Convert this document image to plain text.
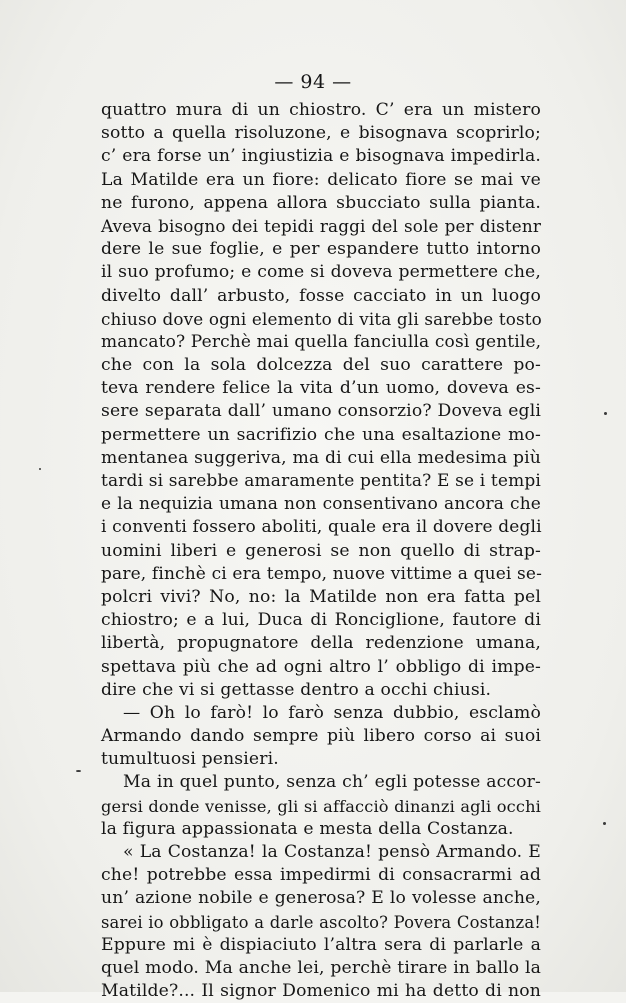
— 94 —
quattro mura di un chiostro. C’ era un mistero
sotto a quella risoluzone, e bisognava scoprirlo;
c’ era forse un’ ingiustizia e bisognava impedirla.
La Matilde era un fiore: delicato fiore se mai ve
ne furono, appena allora sbucciato sulla pianta.
Aveva bisogno dei tepidi raggi del sole per distenr
dere le sue foglie, e per espandere tutto intorno
il suo profumo; e come si doveva permettere che,
divelto dall’ arbusto, fosse cacciato in un luogo
chiuso dove ogni elemento di vita gli sarebbe tosto
mancato? Perchè mai quella fanciulla così gentile,
che con la sola dolcezza del suo carattere po-
teva rendere felice la vita d’un uomo, doveva es-
sere separata dall’ umano consorzio? Doveva egli
permettere un sacrifizio che una esaltazione mo-
mentanea suggeriva, ma di cui ella medesima più
tardi si sarebbe amaramente pentita? E se i tempi
e la nequizia umana non consentivano ancora che
i conventi fossero aboliti, quale era il dovere degli
uomini liberi e generosi se non quello di strap-
pare, finchè ci era tempo, nuove vittime a quei se-
polcri vivi? No, no: la Matilde non era fatta pel
chiostro; e a lui, Duca di Ronciglione, fautore di
libertà, propugnatore della redenzione umana,
spettava più che ad ogni altro l’ obbligo di impe-
dire che vi si gettasse dentro a occhi chiusi.
— Oh lo farò! lo farò senza dubbio, esclamò
Armando dando sempre più libero corso ai suoi
tumultuosi pensieri.
Ma in quel punto, senza ch’ egli potesse accor-
gersi donde venisse, gli si affacciò dinanzi agli occhi
la figura appassionata e mesta della Costanza.
« La Costanza! la Costanza! pensò Armando. E
che! potrebbe essa impedirmi di consacrarmi ad
un’ azione nobile e generosa? E lo volesse anche,
sarei io obbligato a darle ascolto? Povera Costanza!
Eppure mi è dispiaciuto l’altra sera di parlarle a
quel modo. Ma anche lei, perchè tirare in ballo la
Matilde?... Il signor Domenico mi ha detto di non
